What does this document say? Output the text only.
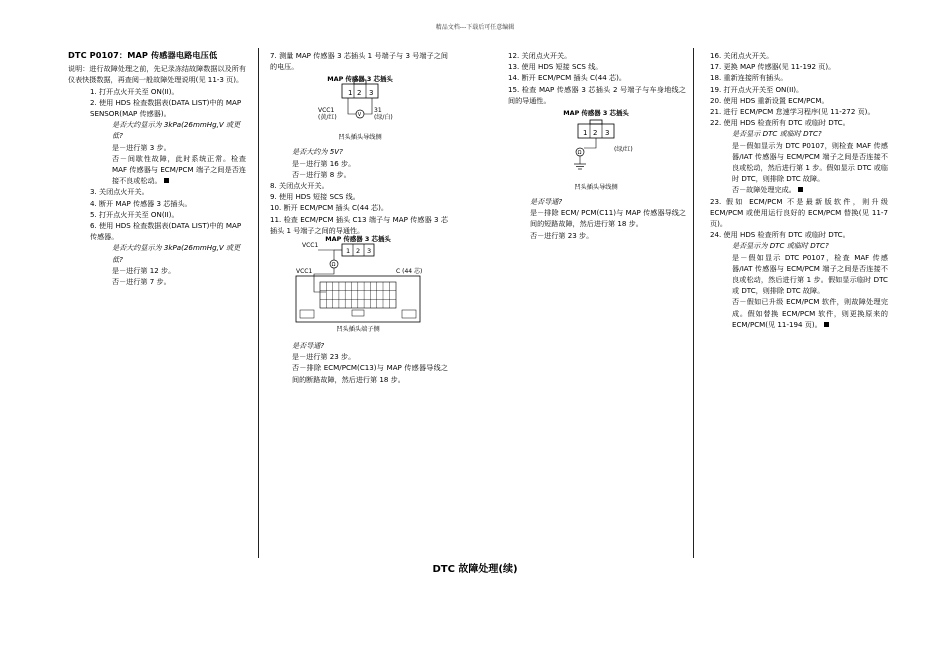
精品文档---下载后可任意编辑
DTC P0107：MAP 传感器电路电压低
说明：进行故障处理之前，先记录冻结故障数据以及所有仪表快摄数据，再查阅一般故障处理说明(见 11-3 页)。
1. 打开点火开关至 ON(II)。
2. 使用 HDS 检查数据表(DATA LIST)中的 MAP SENSOR(MAP 传感器)。
是否大约显示为 3kPa(26mmHg,V 或更低?
是－进行第 3 步。
否－间歇性故障，此时系统正常。检查 MAF 传感器与 ECM/PCM 端子之间是否连接不良或松动。
3. 关闭点火开关。
4. 断开 MAP 传感器 3 芯插头。
5. 打开点火开关至 ON(II)。
6. 使用 HDS 检查数据表(DATA LIST)中的 MAP 传感器。
是否大约显示为 3kPa(26mmHg,V 或更低?
是－进行第 12 步。
否－进行第 7 步。
7. 测量 MAP 传感器 3 芯插头 1 号端子与 3 号端子之间的电压。
MAP 传感器 3 芯插头
1 2 3
V
VCC1
(黄/红)
31
(绿/白)
凹头插头导线侧
是否大约为 5V?
是－进行第 16 步。
否－进行第 8 步。
8. 关闭点火开关。
9. 使用 HDS 短接 SCS 线。
10. 断开 ECM/PCM 插头 C(44 芯)。
11. 检查 ECM/PCM 插头 C13 端子与 MAP 传感器 3 芯插头 1 号端子之间的导通性。
MAP 传感器 3 芯插头
1 2 3
Ω
VCC1
VCC1	C (44 芯)
凹头插头端子侧
是否导通?
是－进行第 23 步。
否－排除 ECM/PCM(C13)与 MAP 传感器导线之间的断路故障，然后进行第 18 步。
12. 关闭点火开关。
13. 使用 HDS 短接 SCS 线。
14. 断开 ECM/PCM 插头 C(44 芯)。
15. 检查 MAP 传感器 3 芯插头 2 号端子与车身地线之间的导通性。
MAP 传感器 3 芯插头
1 2 3
Ω	(绿/红)
凹头插头导线侧
是否导通?
是－排除 ECM/ PCM(C11)与 MAP 传感器导线之间的短路故障，然后进行第 18 步。
否－进行第 23 步。
16. 关闭点火开关。
17. 更换 MAP 传感器(见 11-192 页)。
18. 重新连接所有插头。
19. 打开点火开关至 ON(II)。
20. 使用 HDS 重新设置 ECM/PCM。
21. 进行 ECM/PCM 怠速学习程序(见 11-272 页)。
22. 使用 HDS 检查所有 DTC 或临时 DTC。
是否显示 DTC 或临时 DTC?
是－假如显示为 DTC P0107，则检查 MAF 传感器/IAT 传感器与 ECM/PCM 端子之间是否连接不良或松动，然后进行第 1 步。假如显示 DTC 或临时 DTC，则排除 DTC 故障。
否－故障处理完成。
23. 假如 ECM/PCM 不是最新版软件，则升级 ECM/PCM 或使用运行良好的 ECM/PCM 替换(见 11-7 页)。
24. 使用 HDS 检查所有 DTC 或临时 DTC。
是否显示为 DTC 或临时 DTC?
是－假如显示 DTC P0107，检查 MAF 传感器/IAT 传感器与 ECM/PCM 端子之间是否连接不良或松动，然后进行第 1 步。假如显示临时 DTC 或 DTC，则排除 DTC 故障。
否－假如已升级 ECM/PCM 软件，则故障处理完成。假如替换 ECM/PCM 软件，则更换原来的 ECM/PCM(见 11-194 页)。
DTC 故障处理(续)
